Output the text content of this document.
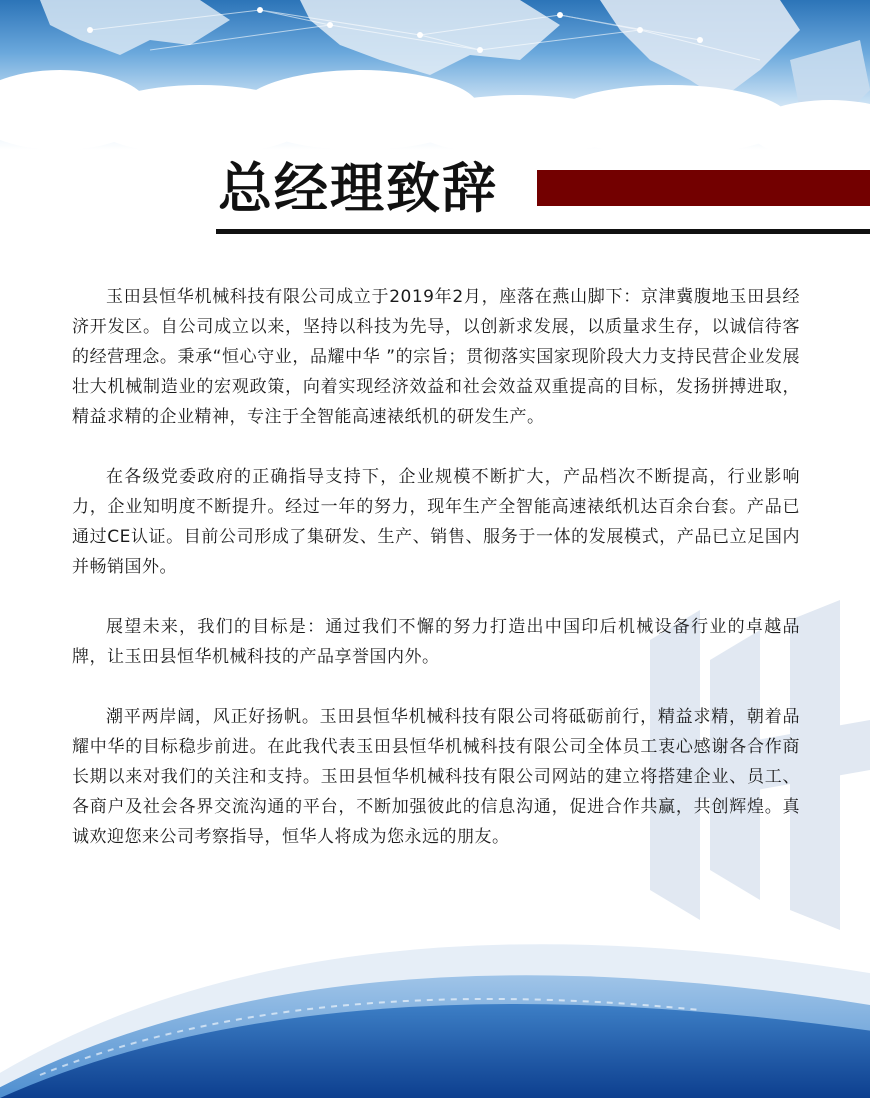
总经理致辞

玉田县恒华机械科技有限公司成立于2019年2月，座落在燕山脚下：京津冀腹地玉田县经济开发区。自公司成立以来，坚持以科技为先导，以创新求发展，以质量求生存，以诚信待客的经营理念。秉承“恒心守业，品耀中华 ”的宗旨；贯彻落实国家现阶段大力支持民营企业发展壮大机械制造业的宏观政策，向着实现经济效益和社会效益双重提高的目标，发扬拼搏进取，精益求精的企业精神，专注于全智能高速裱纸机的研发生产。

在各级党委政府的正确指导支持下，企业规模不断扩大，产品档次不断提高，行业影响力，企业知明度不断提升。经过一年的努力，现年生产全智能高速裱纸机达百余台套。产品已通过CE认证。目前公司形成了集研发、生产、销售、服务于一体的发展模式，产品已立足国内并畅销国外。

展望未来，我们的目标是：通过我们不懈的努力打造出中国印后机械设备行业的卓越品牌，让玉田县恒华机械科技的产品享誉国内外。

潮平两岸阔，风正好扬帆。玉田县恒华机械科技有限公司将砥砺前行，精益求精，朝着品耀中华的目标稳步前进。在此我代表玉田县恒华机械科技有限公司全体员工衷心感谢各合作商长期以来对我们的关注和支持。玉田县恒华机械科技有限公司网站的建立将搭建企业、员工、各商户及社会各界交流沟通的平台，不断加强彼此的信息沟通，促进合作共赢，共创辉煌。真诚欢迎您来公司考察指导，恒华人将成为您永远的朋友。
